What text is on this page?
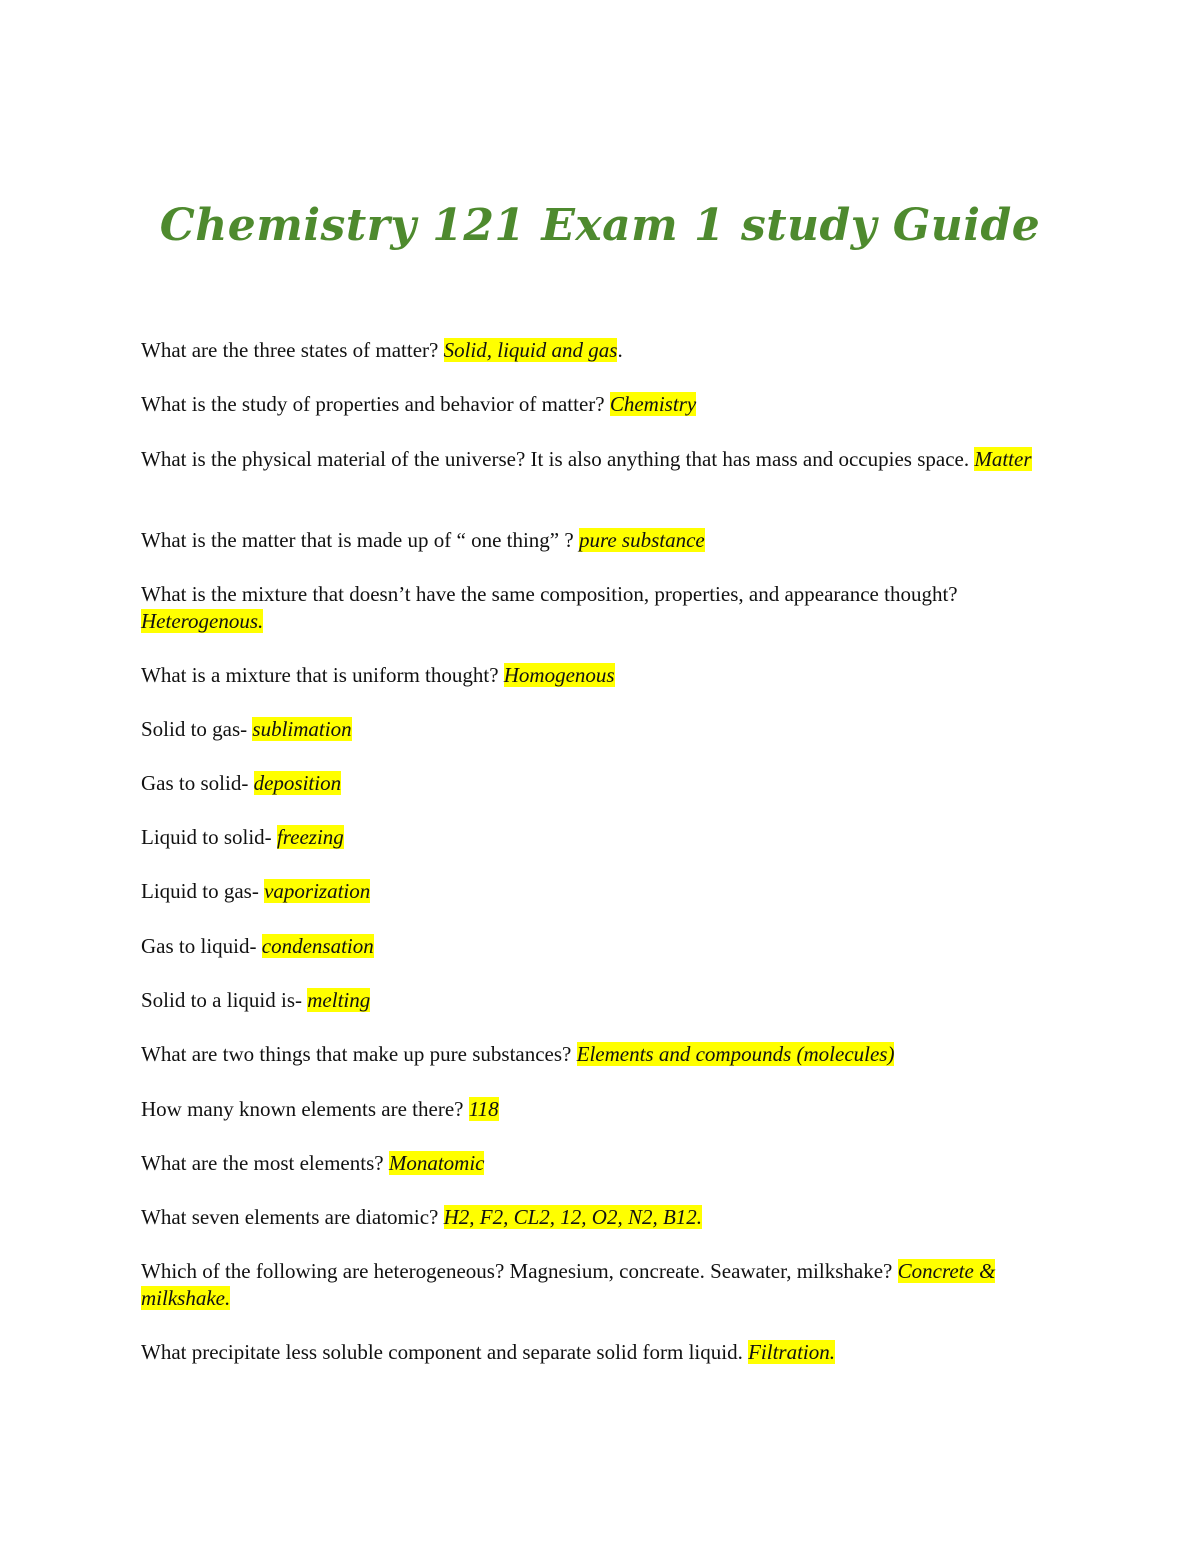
Chemistry 121 Exam 1 study Guide

What are the three states of matter? Solid, liquid and gas.

What is the study of properties and behavior of matter? Chemistry

What is the physical material of the universe? It is also anything that has mass and occupies space. Matter

What is the matter that is made up of “ one thing” ? pure substance

What is the mixture that doesn’t have the same composition, properties, and appearance thought? Heterogenous.

What is a mixture that is uniform thought? Homogenous

Solid to gas- sublimation

Gas to solid- deposition

Liquid to solid- freezing

Liquid to gas- vaporization

Gas to liquid- condensation

Solid to a liquid is- melting

What are two things that make up pure substances? Elements and compounds (molecules)

How many known elements are there? 118

What are the most elements? Monatomic

What seven elements are diatomic? H2, F2, CL2, 12, O2, N2, B12.

Which of the following are heterogeneous? Magnesium, concreate. Seawater, milkshake? Concrete & milkshake.

What precipitate less soluble component and separate solid form liquid. Filtration.
